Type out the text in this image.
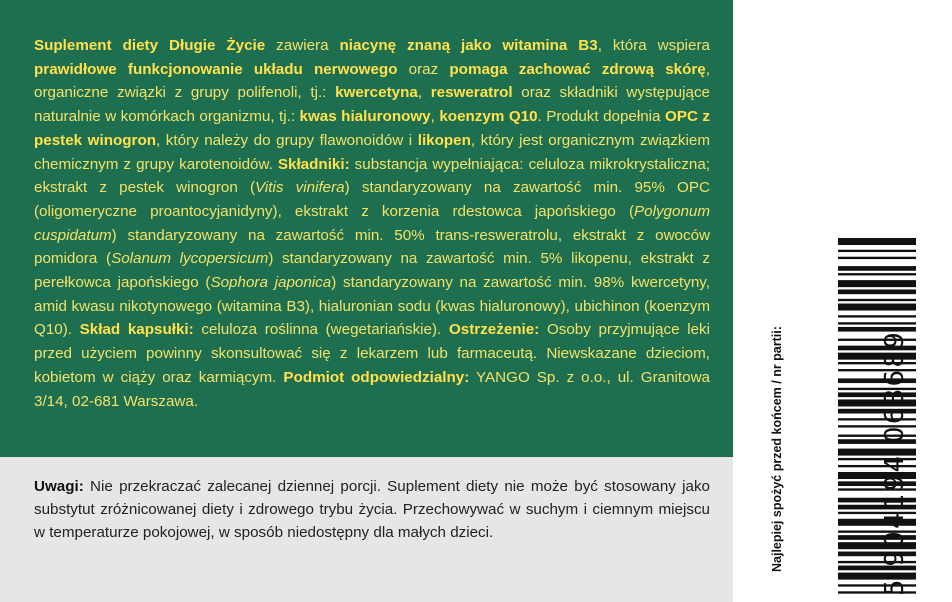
Suplement diety Długie Życie zawiera niacynę znaną jako witamina B3, która wspiera prawidłowe funkcjonowanie układu nerwowego oraz pomaga zachować zdrową skórę, organiczne związki z grupy polifenoli, tj.: kwercetyna, resweratrol oraz składniki występujące naturalnie w komórkach organizmu, tj.: kwas hialuronowy, koenzym Q10. Produkt dopełnia OPC z pestek winogron, który należy do grupy flawonoidów i likopen, który jest organicznym związkiem chemicznym z grupy karotenoidów. Składniki: substancja wypełniająca: celuloza mikrokrystaliczna; ekstrakt z pestek winogron (Vitis vinifera) standaryzowany na zawartość min. 95% OPC (oligomeryczne proantocyjanidyny), ekstrakt z korzenia rdestowca japońskiego (Polygonum cuspidatum) standaryzowany na zawartość min. 50% trans-resweratrolu, ekstrakt z owoców pomidora (Solanum lycopersicum) standaryzowany na zawartość min. 5% likopenu, ekstrakt z perełkowca japońskiego (Sophora japonica) standaryzowany na zawartość min. 98% kwercetyny, amid kwasu nikotynowego (witamina B3), hialuronian sodu (kwas hialuronowy), ubichinon (koenzym Q10). Skład kapsułki: celuloza roślinna (wegetariańskie). Ostrzeżenie: Osoby przyjmujące leki przed użyciem powinny skonsultować się z lekarzem lub farmaceutą. Niewskazane dzieciom, kobietom w ciąży oraz karmiącym. Podmiot odpowiedzialny: YANGO Sp. z o.o., ul. Granitowa 3/14, 02-681 Warszawa.
Uwagi: Nie przekraczać zalecanej dziennej porcji. Suplement diety nie może być stosowany jako substytut zróżnicowanej diety i zdrowego trybu życia. Przechowywać w suchym i ciemnym miejscu w temperaturze pokojowej, w sposób niedostępny dla małych dzieci.	Najlepiej spożyć przed końcem / nr partii:	5 904194 063689
